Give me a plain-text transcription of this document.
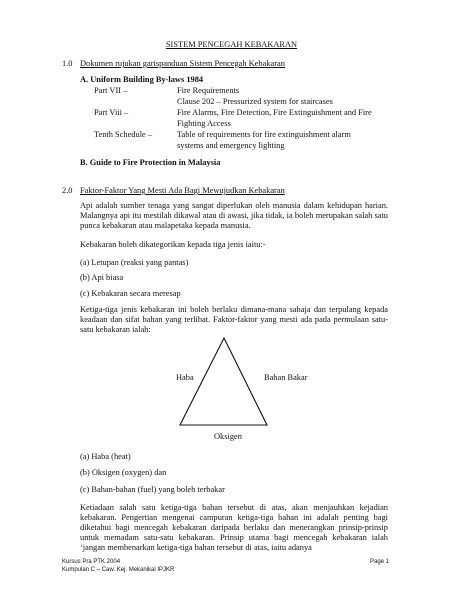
SISTEM PENCEGAH KEBAKARAN
1.0 Dokumen rujukan garispanduan Sistem Pencegah Kebakaran
A. Uniform Building By-laws 1984
Part VII –	Fire Requirements
Clause 202 – Pressurized system for staircases
Part Viii –	Fire Alarms, Fire Detection, Fire Extinguishment and Fire
Fighting Access
Tenth Schedule –	Table of requirements for fire extinguishment alarm
systems and emergency lighting
B. Guide to Fire Protection in Malaysia
2.0 Faktor-Faktor Yang Mesti Ada Bagi Mewujudkan Kebakaran
Api adalah sumber tenaga yang sangat diperlukan oleh manusia dalam kehidupan harian. Malangnya api itu mestilah dikawal atau di awasi, jika tidak, ia boleh merupakan salah satu punca kebakaran atau malapetaka kepada manusia.
Kebakaran boleh dikategorikan kepada tiga jenis iaitu:-
(a) Letupan (reaksi yang pantas)
(b) Api biasa
(c) Kebakaran secara meresap
Ketiga-tiga jenis kebakaran ini boleh berlaku dimana-mana sahaja dan terpulang kepada keadaan dan sifat bahan yang terlibat. Faktor-faktor yang mesti ada pada permulaan satu-satu kebakaran ialah:
Haba	Bahan Bakar
Oksigen
(a) Haba (heat)
(b) Oksigen (oxygen) dan
(c) Bahan-bahan (fuel) yang boleh terbakar
Ketiadaan salah satu ketiga-tiga bahan tersebut di atas, akan menjauhkan kejadian kebakaran. Pengertian mengenai campuran ketiga-tiga bahan ini adalah penting bagi diketahui bagi mencegah kebakaran daripada berlaku dan menerangkan prinsip-prinsip untuk memadam satu-satu kebakaran. Prinsip utama bagi mencegah kebakaran ialah ‘jangan membenarkan ketiga-tiga bahan tersebut di atas, iaitu adanya
Kursus Pra PTK 2004
Kumpulan C – Caw. Kej. Mekanikal IPJKR
Page 1
